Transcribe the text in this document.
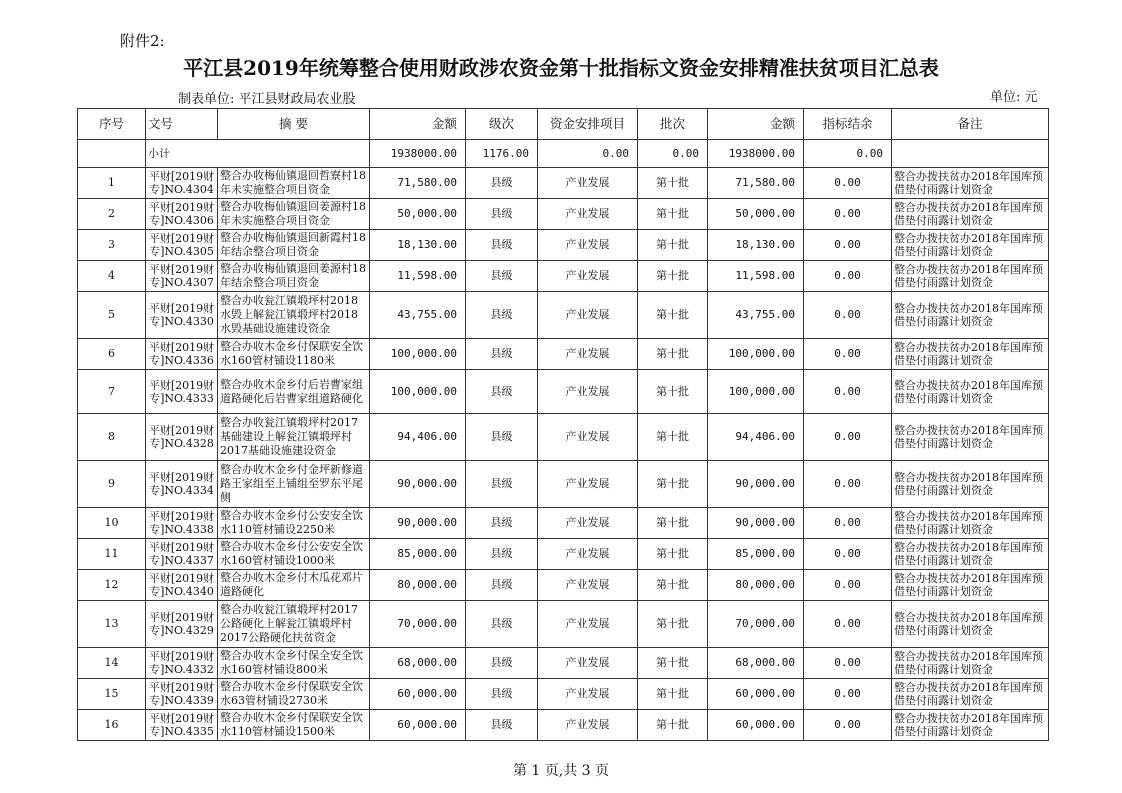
附件2:
平江县2019年统筹整合使用财政涉农资金第十批指标文资金安排精准扶贫项目汇总表
制表单位: 平江县财政局农业股	单位: 元
序号	文号	摘 要	金额	级次	资金安排项目	批次	金额	指标结余	备注
	小计		1938000.00	1176.00	0.00	0.00	1938000.00	0.00	
1	平财[2019财专]NO.4304	整合办收梅仙镇退回哲寮村18年未实施整合项目资金	71,580.00	县级	产业发展	第十批	71,580.00	0.00	整合办拨扶贫办2018年国库预借垫付雨露计划资金
2	平财[2019财专]NO.4306	整合办收梅仙镇退回姜源村18年未实施整合项目资金	50,000.00	县级	产业发展	第十批	50,000.00	0.00	整合办拨扶贫办2018年国库预借垫付雨露计划资金
3	平财[2019财专]NO.4305	整合办收梅仙镇退回新霞村18年结余整合项目资金	18,130.00	县级	产业发展	第十批	18,130.00	0.00	整合办拨扶贫办2018年国库预借垫付雨露计划资金
4	平财[2019财专]NO.4307	整合办收梅仙镇退回姜源村18年结余整合项目资金	11,598.00	县级	产业发展	第十批	11,598.00	0.00	整合办拨扶贫办2018年国库预借垫付雨露计划资金
5	平财[2019财专]NO.4330	整合办收瓮江镇塅坪村2018水毁上解瓮江镇塅坪村2018水毁基础设施建设资金	43,755.00	县级	产业发展	第十批	43,755.00	0.00	整合办拨扶贫办2018年国库预借垫付雨露计划资金
6	平财[2019财专]NO.4336	整合办收木金乡付保联安全饮水160管材铺设1180米	100,000.00	县级	产业发展	第十批	100,000.00	0.00	整合办拨扶贫办2018年国库预借垫付雨露计划资金
7	平财[2019财专]NO.4333	整合办收木金乡付后岩曹家组道路硬化后岩曹家组道路硬化	100,000.00	县级	产业发展	第十批	100,000.00	0.00	整合办拨扶贫办2018年国库预借垫付雨露计划资金
8	平财[2019财专]NO.4328	整合办收瓮江镇塅坪村2017基础建设上解瓮江镇塅坪村2017基础设施建设资金	94,406.00	县级	产业发展	第十批	94,406.00	0.00	整合办拨扶贫办2018年国库预借垫付雨露计划资金
9	平财[2019财专]NO.4334	整合办收木金乡付金坪新修道路王家组至上铺组至罗东平尾侧	90,000.00	县级	产业发展	第十批	90,000.00	0.00	整合办拨扶贫办2018年国库预借垫付雨露计划资金
10	平财[2019财专]NO.4338	整合办收木金乡付公安安全饮水110管材铺设2250米	90,000.00	县级	产业发展	第十批	90,000.00	0.00	整合办拨扶贫办2018年国库预借垫付雨露计划资金
11	平财[2019财专]NO.4337	整合办收木金乡付公安安全饮水160管材铺设1000米	85,000.00	县级	产业发展	第十批	85,000.00	0.00	整合办拨扶贫办2018年国库预借垫付雨露计划资金
12	平财[2019财专]NO.4340	整合办收木金乡付木瓜花邓片道路硬化	80,000.00	县级	产业发展	第十批	80,000.00	0.00	整合办拨扶贫办2018年国库预借垫付雨露计划资金
13	平财[2019财专]NO.4329	整合办收瓮江镇塅坪村2017公路硬化上解瓮江镇塅坪村2017公路硬化扶贫资金	70,000.00	县级	产业发展	第十批	70,000.00	0.00	整合办拨扶贫办2018年国库预借垫付雨露计划资金
14	平财[2019财专]NO.4332	整合办收木金乡付保全安全饮水160管材铺设800米	68,000.00	县级	产业发展	第十批	68,000.00	0.00	整合办拨扶贫办2018年国库预借垫付雨露计划资金
15	平财[2019财专]NO.4339	整合办收木金乡付保联安全饮水63管材铺设2730米	60,000.00	县级	产业发展	第十批	60,000.00	0.00	整合办拨扶贫办2018年国库预借垫付雨露计划资金
16	平财[2019财专]NO.4335	整合办收木金乡付保联安全饮水110管材铺设1500米	60,000.00	县级	产业发展	第十批	60,000.00	0.00	整合办拨扶贫办2018年国库预借垫付雨露计划资金
第 1 页,共 3 页
